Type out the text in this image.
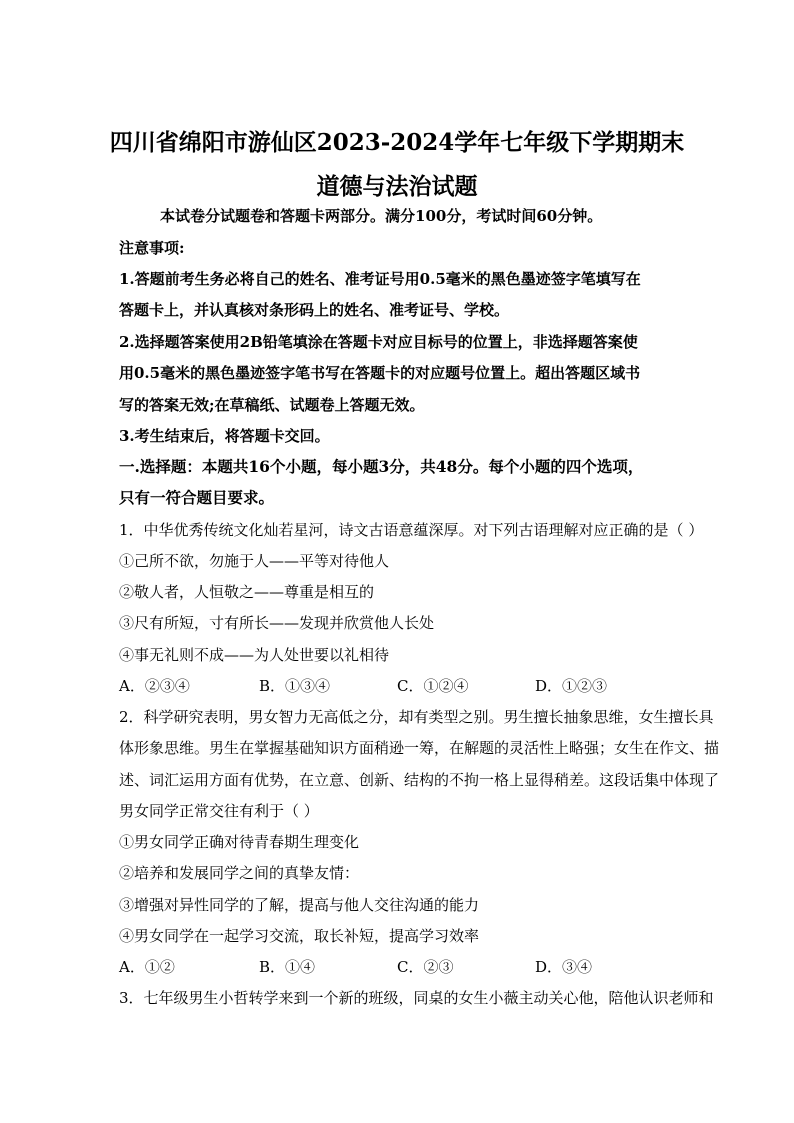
四川省绵阳市游仙区2023-2024学年七年级下学期期末
道德与法治试题
本试卷分试题卷和答题卡两部分。满分100分，考试时间60分钟。
注意事项:
1.答题前考生务必将自己的姓名、准考证号用0.5毫米的黑色墨迹签字笔填写在
答题卡上，并认真核对条形码上的姓名、准考证号、学校。
2.选择题答案使用2B铅笔填涂在答题卡对应目标号的位置上，非选择题答案使
用0.5毫米的黑色墨迹签字笔书写在答题卡的对应题号位置上。超出答题区域书
写的答案无效;在草稿纸、试题卷上答题无效。
3.考生结束后，将答题卡交回。
一.选择题：本题共16个小题，每小题3分，共48分。每个小题的四个选项，
只有一符合题目要求。
1．中华优秀传统文化灿若星河，诗文古语意蕴深厚。对下列古语理解对应正确的是（ ）
①己所不欲，勿施于人——平等对待他人
②敬人者，人恒敬之——尊重是相互的
③尺有所短，寸有所长——发现并欣赏他人长处
④事无礼则不成——为人处世要以礼相待
A．②③④	B．①③④	C．①②④	D．①②③
2．科学研究表明，男女智力无高低之分，却有类型之别。男生擅长抽象思维，女生擅长具
体形象思维。男生在掌握基础知识方面稍逊一筹，在解题的灵活性上略强；女生在作文、描
述、词汇运用方面有优势，在立意、创新、结构的不拘一格上显得稍差。这段话集中体现了
男女同学正常交往有利于（ ）
①男女同学正确对待青春期生理变化
②培养和发展同学之间的真挚友情：
③增强对异性同学的了解，提高与他人交往沟通的能力
④男女同学在一起学习交流，取长补短，提高学习效率
A．①②	B．①④	C．②③	D．③④
3．七年级男生小哲转学来到一个新的班级，同桌的女生小薇主动关心他，陪他认识老师和
